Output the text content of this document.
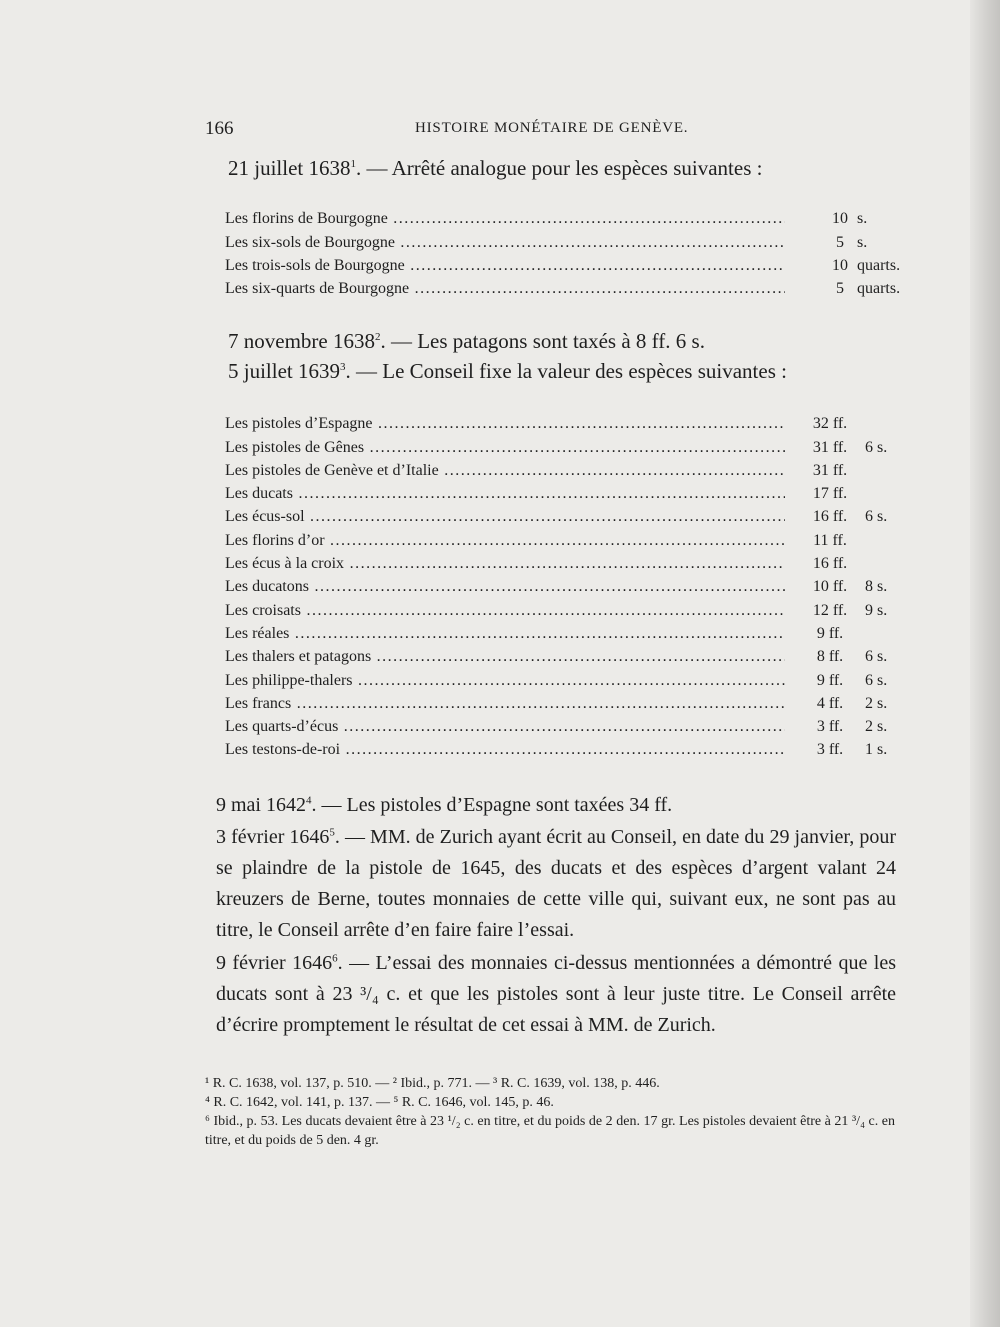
166	HISTOIRE MONÉTAIRE DE GENÈVE.
21 juillet 1638$^1$. — Arrêté analogue pour les espèces suivantes :
Les florins de Bourgogne .....	10 s.
Les six-sols de Bourgogne .....	5 s.
Les trois-sols de Bourgogne .....	10 quarts.
Les six-quarts de Bourgogne .....	5 quarts.
7 novembre 1638$^2$. — Les patagons sont taxés à 8 ff. 6 s.
5 juillet 1639$^3$. — Le Conseil fixe la valeur des espèces suivantes :
Les pistoles d’Espagne .....	32 ff.
Les pistoles de Gênes .....	31 ff.	6 s.
Les pistoles de Genève et d’Italie .....	31 ff.
Les ducats .....	17 ff.
Les écus-sol .....	16 ff.	6 s.
Les florins d’or .....	11 ff.
Les écus à la croix .....	16 ff.
Les ducatons .....	10 ff.	8 s.
Les croisats .....	12 ff.	9 s.
Les réales .....	9 ff.
Les thalers et patagons .....	8 ff.	6 s.
Les philippe-thalers .....	9 ff.	6 s.
Les francs .....	4 ff.	2 s.
Les quarts-d’écus .....	3 ff.	2 s.
Les testons-de-roi .....	3 ff.	1 s.
9 mai 1642$^4$. — Les pistoles d’Espagne sont taxées 34 ff.
3 février 1646$^5$. — MM. de Zurich ayant écrit au Conseil, en date du 29 janvier, pour se plaindre de la pistole de 1645, des ducats et des espèces d’argent valant 24 kreuzers de Berne, toutes monnaies de cette ville qui, suivant eux, ne sont pas au titre, le Conseil arrête d’en faire faire l’essai.
9 février 1646$^6$. — L’essai des monnaies ci-dessus mentionnées a démontré que les ducats sont à 23 ³/₄ c. et que les pistoles sont à leur juste titre. Le Conseil arrête d’écrire promptement le résultat de cet essai à MM. de Zurich.

¹ R. C. 1638, vol. 137, p. 510. — ² Ibid., p. 771. — ³ R. C. 1639, vol. 138, p. 446.

⁴ R. C. 1642, vol. 141, p. 137. — ⁵ R. C. 1646, vol. 145, p. 46.

⁶ Ibid., p. 53. Les ducats devaient être à 23 ¹/₂ c. en titre, et du poids de 2 den. 17 gr. Les pistoles devaient être à 21 ³/₄ c. en titre, et du poids de 5 den. 4 gr.
